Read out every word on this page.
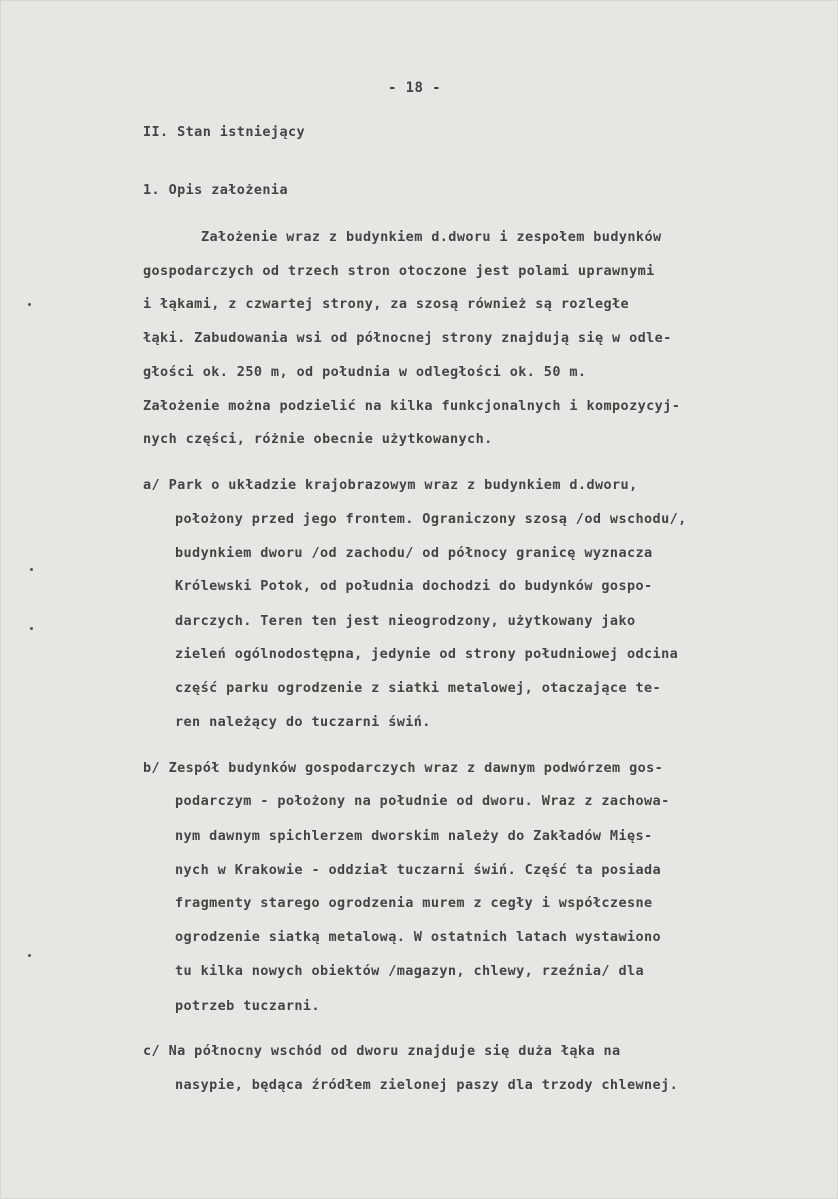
- 18 -
II. Stan istniejący
1. Opis założenia
Założenie wraz z budynkiem d.dworu i zespołem budynków
gospodarczych od trzech stron otoczone jest polami uprawnymi
i łąkami, z czwartej strony, za szosą również są rozległe
łąki. Zabudowania wsi od północnej strony znajdują się w odle-
głości ok. 250 m, od południa w odległości ok. 50 m.
Założenie można podzielić na kilka funkcjonalnych i kompozycyj-
nych części, różnie obecnie użytkowanych.
a/ Park o układzie krajobrazowym wraz z budynkiem d.dworu,
położony przed jego frontem. Ograniczony szosą /od wschodu/,
budynkiem dworu /od zachodu/ od północy granicę wyznacza
Królewski Potok, od południa dochodzi do budynków gospo-
darczych. Teren ten jest nieogrodzony, użytkowany jako
zieleń ogólnodostępna, jedynie od strony południowej odcina
część parku ogrodzenie z siatki metalowej, otaczające te-
ren należący do tuczarni świń.
b/ Zespół budynków gospodarczych wraz z dawnym podwórzem gos-
podarczym - położony na południe od dworu. Wraz z zachowa-
nym dawnym spichlerzem dworskim należy do Zakładów Mięs-
nych w Krakowie - oddział tuczarni świń. Część ta posiada
fragmenty starego ogrodzenia murem z cegły i współczesne
ogrodzenie siatką metalową. W ostatnich latach wystawiono
tu kilka nowych obiektów /magazyn, chlewy, rzeźnia/ dla
potrzeb tuczarni.
c/ Na północny wschód od dworu znajduje się duża łąka na
nasypie, będąca źródłem zielonej paszy dla trzody chlewnej.
